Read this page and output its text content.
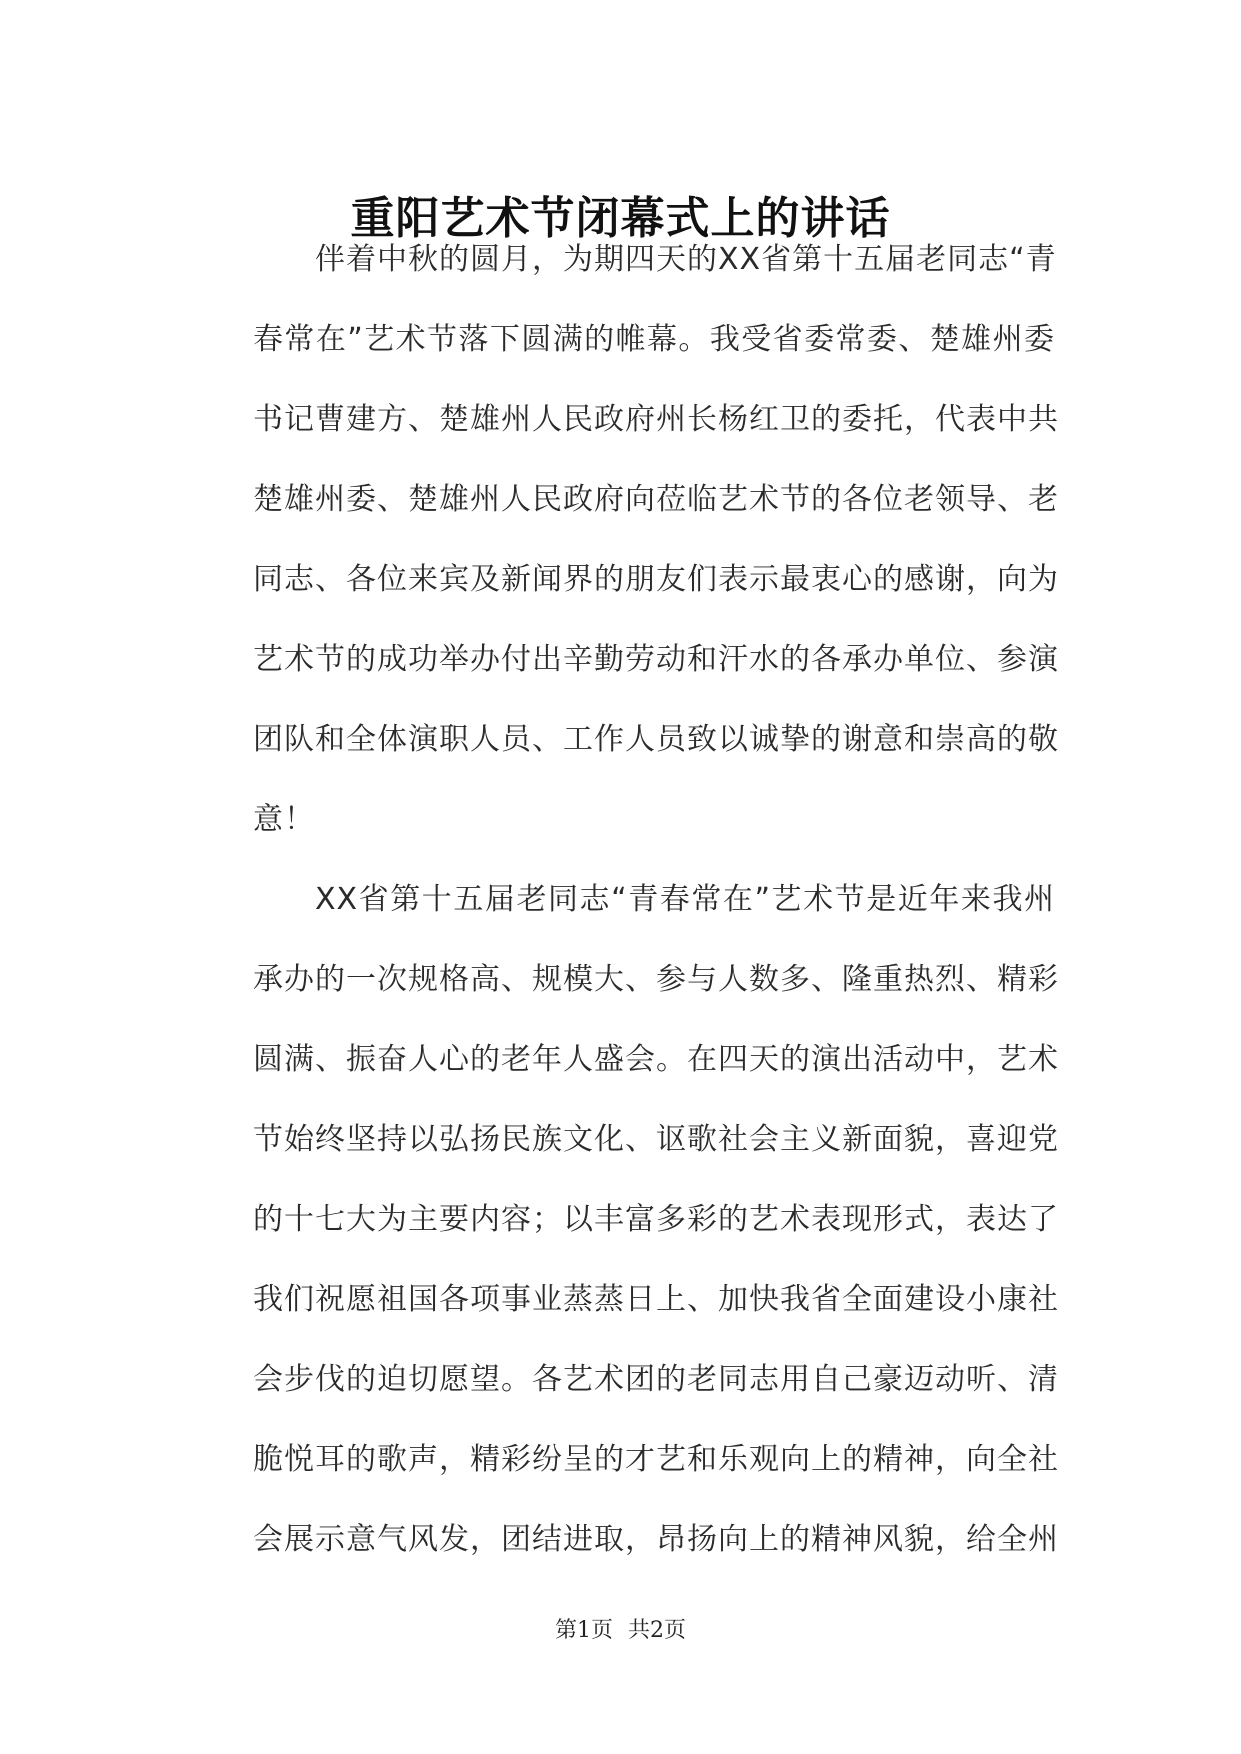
重阳艺术节闭幕式上的讲话

伴着中秋的圆月，为期四天的XX省第十五届老同志“青
春常在”艺术节落下圆满的帷幕。我受省委常委、楚雄州委
书记曹建方、楚雄州人民政府州长杨红卫的委托，代表中共
楚雄州委、楚雄州人民政府向莅临艺术节的各位老领导、老
同志、各位来宾及新闻界的朋友们表示最衷心的感谢，向为
艺术节的成功举办付出辛勤劳动和汗水的各承办单位、参演
团队和全体演职人员、工作人员致以诚挚的谢意和崇高的敬
意！

XX省第十五届老同志“青春常在”艺术节是近年来我州
承办的一次规格高、规模大、参与人数多、隆重热烈、精彩
圆满、振奋人心的老年人盛会。在四天的演出活动中，艺术
节始终坚持以弘扬民族文化、讴歌社会主义新面貌，喜迎党
的十七大为主要内容；以丰富多彩的艺术表现形式，表达了
我们祝愿祖国各项事业蒸蒸日上、加快我省全面建设小康社
会步伐的迫切愿望。各艺术团的老同志用自己豪迈动听、清
脆悦耳的歌声，精彩纷呈的才艺和乐观向上的精神，向全社
会展示意气风发，团结进取，昂扬向上的精神风貌，给全州

第1页 共2页
